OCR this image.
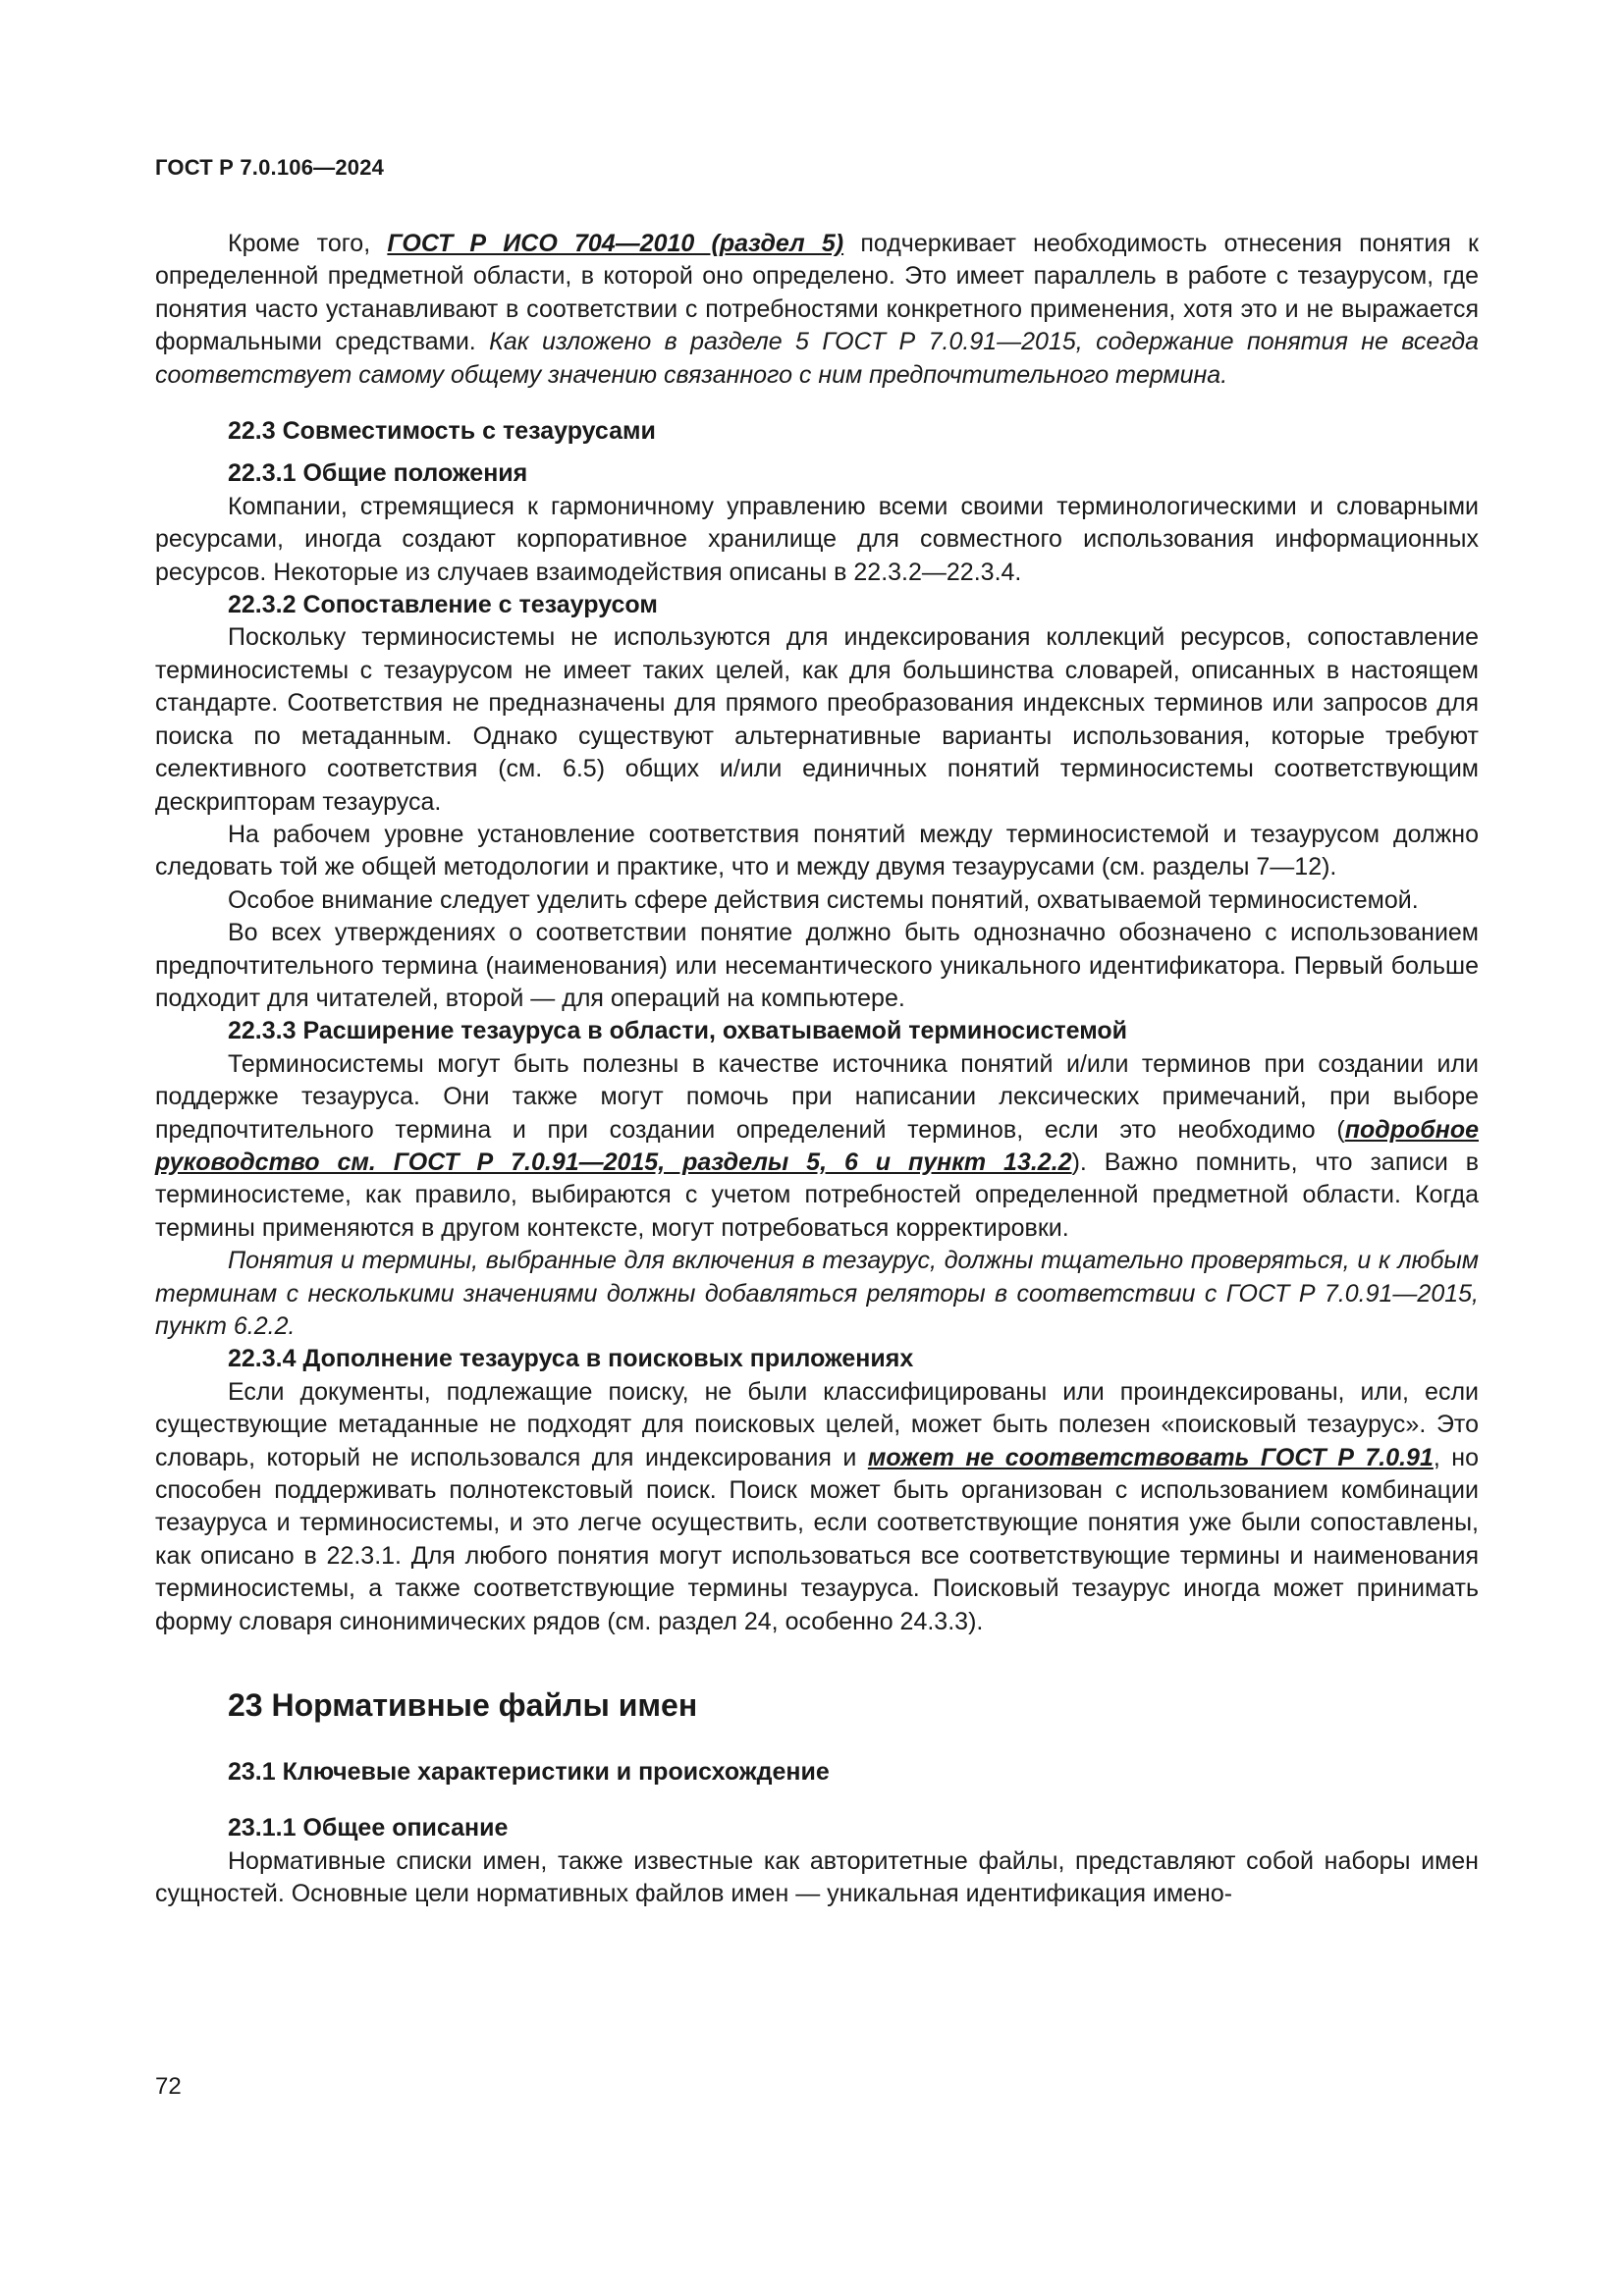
ГОСТ Р 7.0.106—2024

Кроме того, ГОСТ Р ИСО 704—2010 (раздел 5) подчеркивает необходимость отнесения понятия к определенной предметной области, в которой оно определено. Это имеет параллель в работе с тезаурусом, где понятия часто устанавливают в соответствии с потребностями конкретного применения, хотя это и не выражается формальными средствами. Как изложено в разделе 5 ГОСТ Р 7.0.91—2015, содержание понятия не всегда соответствует самому общему значению связанного с ним предпочтительного термина.

22.3 Совместимость с тезаурусами
22.3.1 Общие положения

Компании, стремящиеся к гармоничному управлению всеми своими терминологическими и словарными ресурсами, иногда создают корпоративное хранилище для совместного использования информационных ресурсов. Некоторые из случаев взаимодействия описаны в 22.3.2—22.3.4.

22.3.2 Сопоставление с тезаурусом

Поскольку терминосистемы не используются для индексирования коллекций ресурсов, сопоставление терминосистемы с тезаурусом не имеет таких целей, как для большинства словарей, описанных в настоящем стандарте. Соответствия не предназначены для прямого преобразования индексных терминов или запросов для поиска по метаданным. Однако существуют альтернативные варианты использования, которые требуют селективного соответствия (см. 6.5) общих и/или единичных понятий терминосистемы соответствующим дескрипторам тезауруса.

На рабочем уровне установление соответствия понятий между терминосистемой и тезаурусом должно следовать той же общей методологии и практике, что и между двумя тезаурусами (см. разделы 7—12).

Особое внимание следует уделить сфере действия системы понятий, охватываемой терминосистемой.

Во всех утверждениях о соответствии понятие должно быть однозначно обозначено с использованием предпочтительного термина (наименования) или несемантического уникального идентификатора. Первый больше подходит для читателей, второй — для операций на компьютере.

22.3.3 Расширение тезауруса в области, охватываемой терминосистемой

Терминосистемы могут быть полезны в качестве источника понятий и/или терминов при создании или поддержке тезауруса. Они также могут помочь при написании лексических примечаний, при выборе предпочтительного термина и при создании определений терминов, если это необходимо (подробное руководство см. ГОСТ Р 7.0.91—2015, разделы 5, 6 и пункт 13.2.2). Важно помнить, что записи в терминосистеме, как правило, выбираются с учетом потребностей определенной предметной области. Когда термины применяются в другом контексте, могут потребоваться корректировки.

Понятия и термины, выбранные для включения в тезаурус, должны тщательно проверяться, и к любым терминам с несколькими значениями должны добавляться реляторы в соответствии с ГОСТ Р 7.0.91—2015, пункт 6.2.2.

22.3.4 Дополнение тезауруса в поисковых приложениях

Если документы, подлежащие поиску, не были классифицированы или проиндексированы, или, если существующие метаданные не подходят для поисковых целей, может быть полезен «поисковый тезаурус». Это словарь, который не использовался для индексирования и может не соответствовать ГОСТ Р 7.0.91, но способен поддерживать полнотекстовый поиск. Поиск может быть организован с использованием комбинации тезауруса и терминосистемы, и это легче осуществить, если соответствующие понятия уже были сопоставлены, как описано в 22.3.1. Для любого понятия могут использоваться все соответствующие термины и наименования терминосистемы, а также соответствующие термины тезауруса. Поисковый тезаурус иногда может принимать форму словаря синонимических рядов (см. раздел 24, особенно 24.3.3).

23 Нормативные файлы имен
23.1 Ключевые характеристики и происхождение
23.1.1 Общее описание

Нормативные списки имен, также известные как авторитетные файлы, представляют собой наборы имен сущностей. Основные цели нормативных файлов имен — уникальная идентификация имено-

72
